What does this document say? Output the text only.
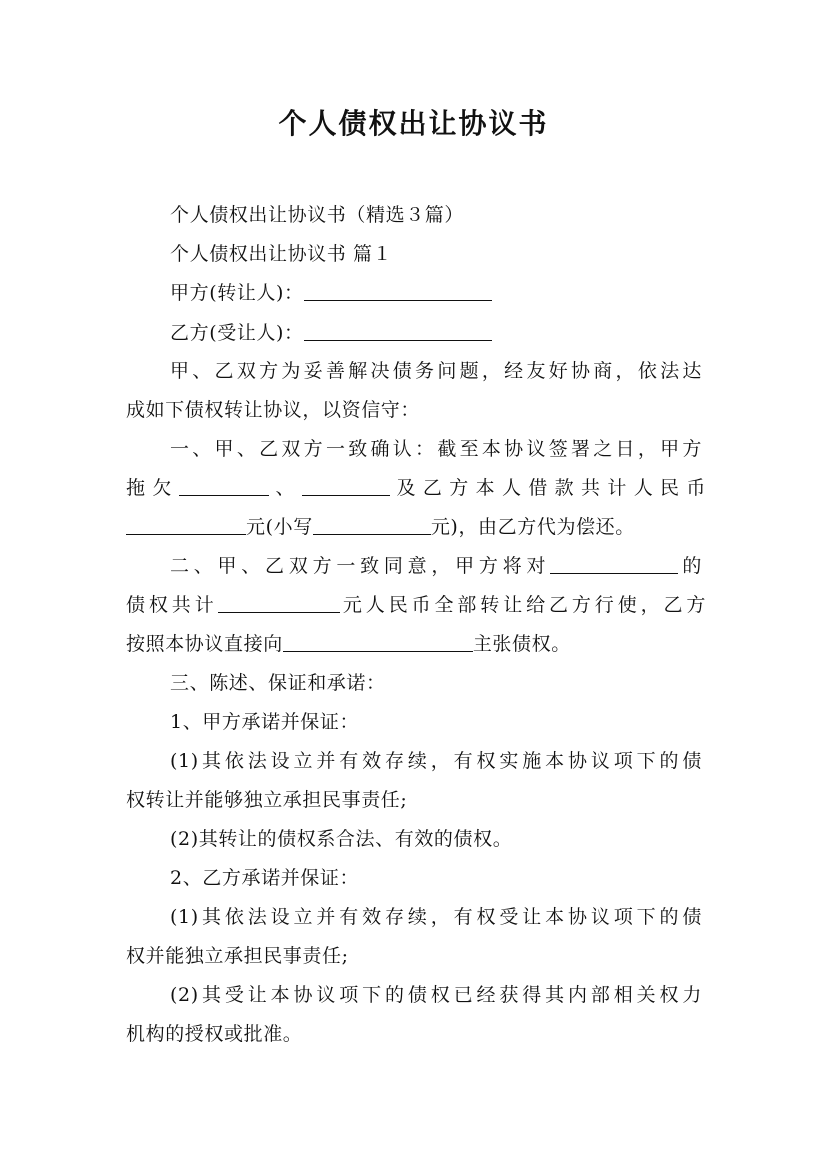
个人债权出让协议书
个人债权出让协议书（精选３篇）
个人债权出让协议书 篇１
甲方(转让人)：
乙方(受让人)：
甲、乙双方为妥善解决债务问题，经友好协商，依法达
成如下债权转让协议，以资信守：
一、甲、乙双方一致确认：截至本协议签署之日，甲方
拖欠	、	及乙方本人借款共计人民币
元(小写	元)，由乙方代为偿还。
二、甲、乙双方一致同意，甲方将对	的
债权共计	元人民币全部转让给乙方行使，乙方
按照本协议直接向	主张债权。
三、陈述、保证和承诺：
1、甲方承诺并保证：
(1)其依法设立并有效存续，有权实施本协议项下的债
权转让并能够独立承担民事责任;
(2)其转让的债权系合法、有效的债权。
2、乙方承诺并保证：
(1)其依法设立并有效存续，有权受让本协议项下的债
权并能独立承担民事责任;
(2)其受让本协议项下的债权已经获得其内部相关权力
机构的授权或批准。
